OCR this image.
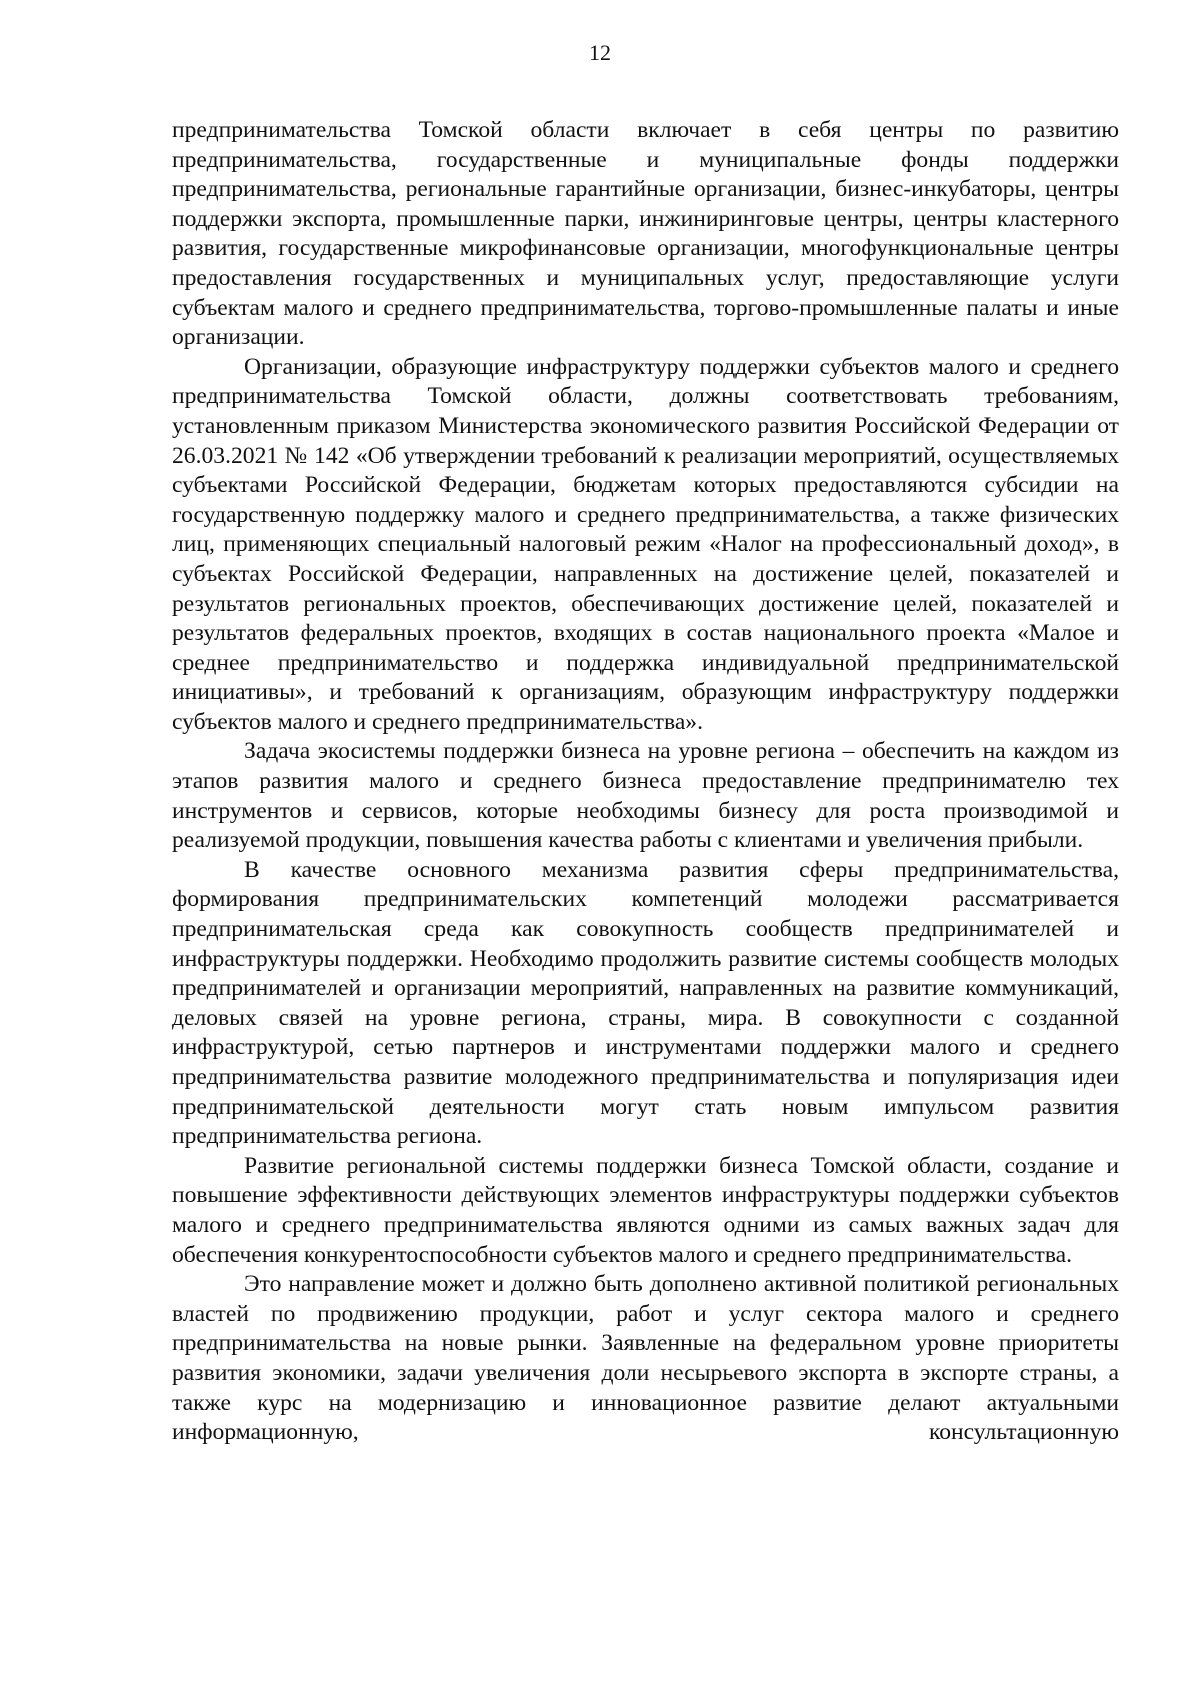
12

предпринимательства Томской области включает в себя центры по развитию предпринимательства, государственные и муниципальные фонды поддержки предпринимательства, региональные гарантийные организации, бизнес-инкубаторы, центры поддержки экспорта, промышленные парки, инжиниринговые центры, центры кластерного развития, государственные микрофинансовые организации, многофункциональные центры предоставления государственных и муниципальных услуг, предоставляющие услуги субъектам малого и среднего предпринимательства, торгово-промышленные палаты и иные организации.

Организации, образующие инфраструктуру поддержки субъектов малого и среднего предпринимательства Томской области, должны соответствовать требованиям, установленным приказом Министерства экономического развития Российской Федерации от 26.03.2021 № 142 «Об утверждении требований к реализации мероприятий, осуществляемых субъектами Российской Федерации, бюджетам которых предоставляются субсидии на государственную поддержку малого и среднего предпринимательства, а также физических лиц, применяющих специальный налоговый режим «Налог на профессиональный доход», в субъектах Российской Федерации, направленных на достижение целей, показателей и результатов региональных проектов, обеспечивающих достижение целей, показателей и результатов федеральных проектов, входящих в состав национального проекта «Малое и среднее предпринимательство и поддержка индивидуальной предпринимательской инициативы», и требований к организациям, образующим инфраструктуру поддержки субъектов малого и среднего предпринимательства».

Задача экосистемы поддержки бизнеса на уровне региона – обеспечить на каждом из этапов развития малого и среднего бизнеса предоставление предпринимателю тех инструментов и сервисов, которые необходимы бизнесу для роста производимой и реализуемой продукции, повышения качества работы с клиентами и увеличения прибыли.

В качестве основного механизма развития сферы предпринимательства, формирования предпринимательских компетенций молодежи рассматривается предпринимательская среда как совокупность сообществ предпринимателей и инфраструктуры поддержки. Необходимо продолжить развитие системы сообществ молодых предпринимателей и организации мероприятий, направленных на развитие коммуникаций, деловых связей на уровне региона, страны, мира. В совокупности с созданной инфраструктурой, сетью партнеров и инструментами поддержки малого и среднего предпринимательства развитие молодежного предпринимательства и популяризация идеи предпринимательской деятельности могут стать новым импульсом развития предпринимательства региона.

Развитие региональной системы поддержки бизнеса Томской области, создание и повышение эффективности действующих элементов инфраструктуры поддержки субъектов малого и среднего предпринимательства являются одними из самых важных задач для обеспечения конкурентоспособности субъектов малого и среднего предпринимательства.

Это направление может и должно быть дополнено активной политикой региональных властей по продвижению продукции, работ и услуг сектора малого и среднего предпринимательства на новые рынки. Заявленные на федеральном уровне приоритеты развития экономики, задачи увеличения доли несырьевого экспорта в экспорте страны, а также курс на модернизацию и инновационное развитие делают актуальными информационную, консультационную
